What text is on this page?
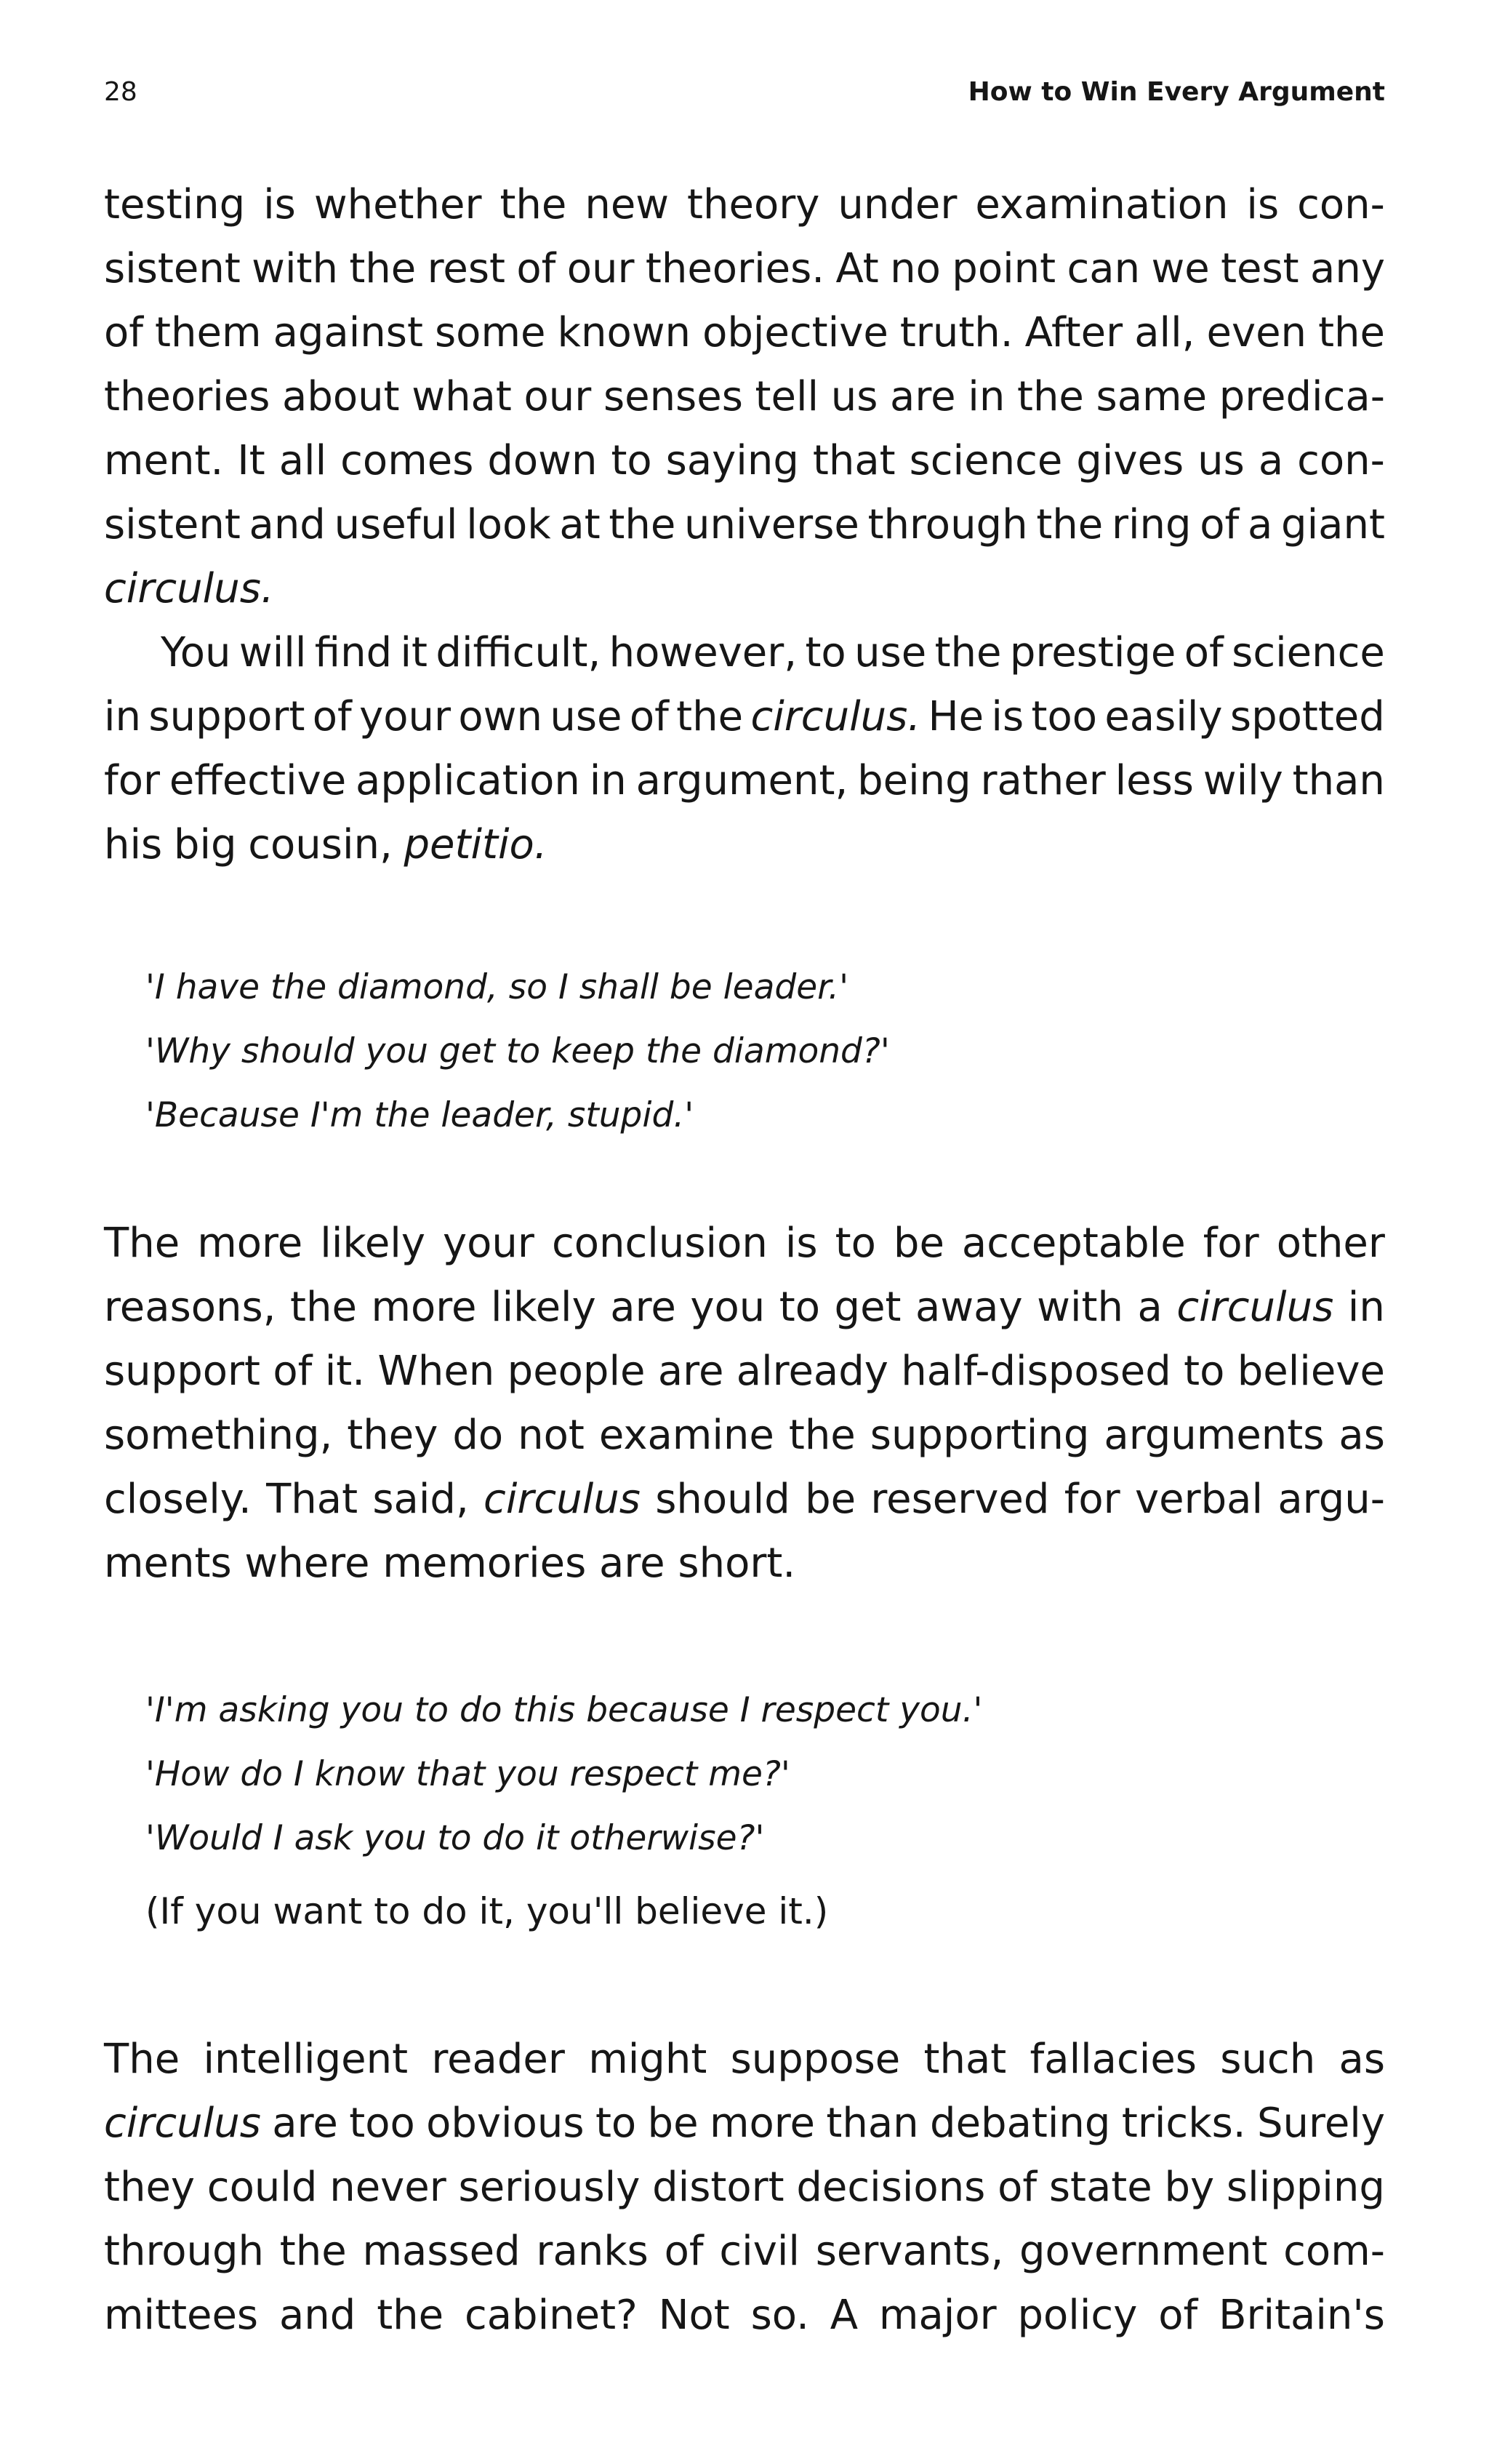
28	How to Win Every Argument
testing is whether the new theory under examination is con-
sistent with the rest of our theories. At no point can we test any
of them against some known objective truth. After all, even the
theories about what our senses tell us are in the same predica-
ment. It all comes down to saying that science gives us a con-
sistent and useful look at the universe through the ring of a giant
circulus.
You will find it difficult, however, to use the prestige of science
in support of your own use of the circulus. He is too easily spotted
for effective application in argument, being rather less wily than
his big cousin, petitio.
'I have the diamond, so I shall be leader.'
'Why should you get to keep the diamond?'
'Because I'm the leader, stupid.'
The more likely your conclusion is to be acceptable for other
reasons, the more likely are you to get away with a circulus in
support of it. When people are already half-disposed to believe
something, they do not examine the supporting arguments as
closely. That said, circulus should be reserved for verbal argu-
ments where memories are short.
'I'm asking you to do this because I respect you.'
'How do I know that you respect me?'
'Would I ask you to do it otherwise?'
(If you want to do it, you'll believe it.)
The intelligent reader might suppose that fallacies such as
circulus are too obvious to be more than debating tricks. Surely
they could never seriously distort decisions of state by slipping
through the massed ranks of civil servants, government com-
mittees and the cabinet? Not so. A major policy of Britain's
